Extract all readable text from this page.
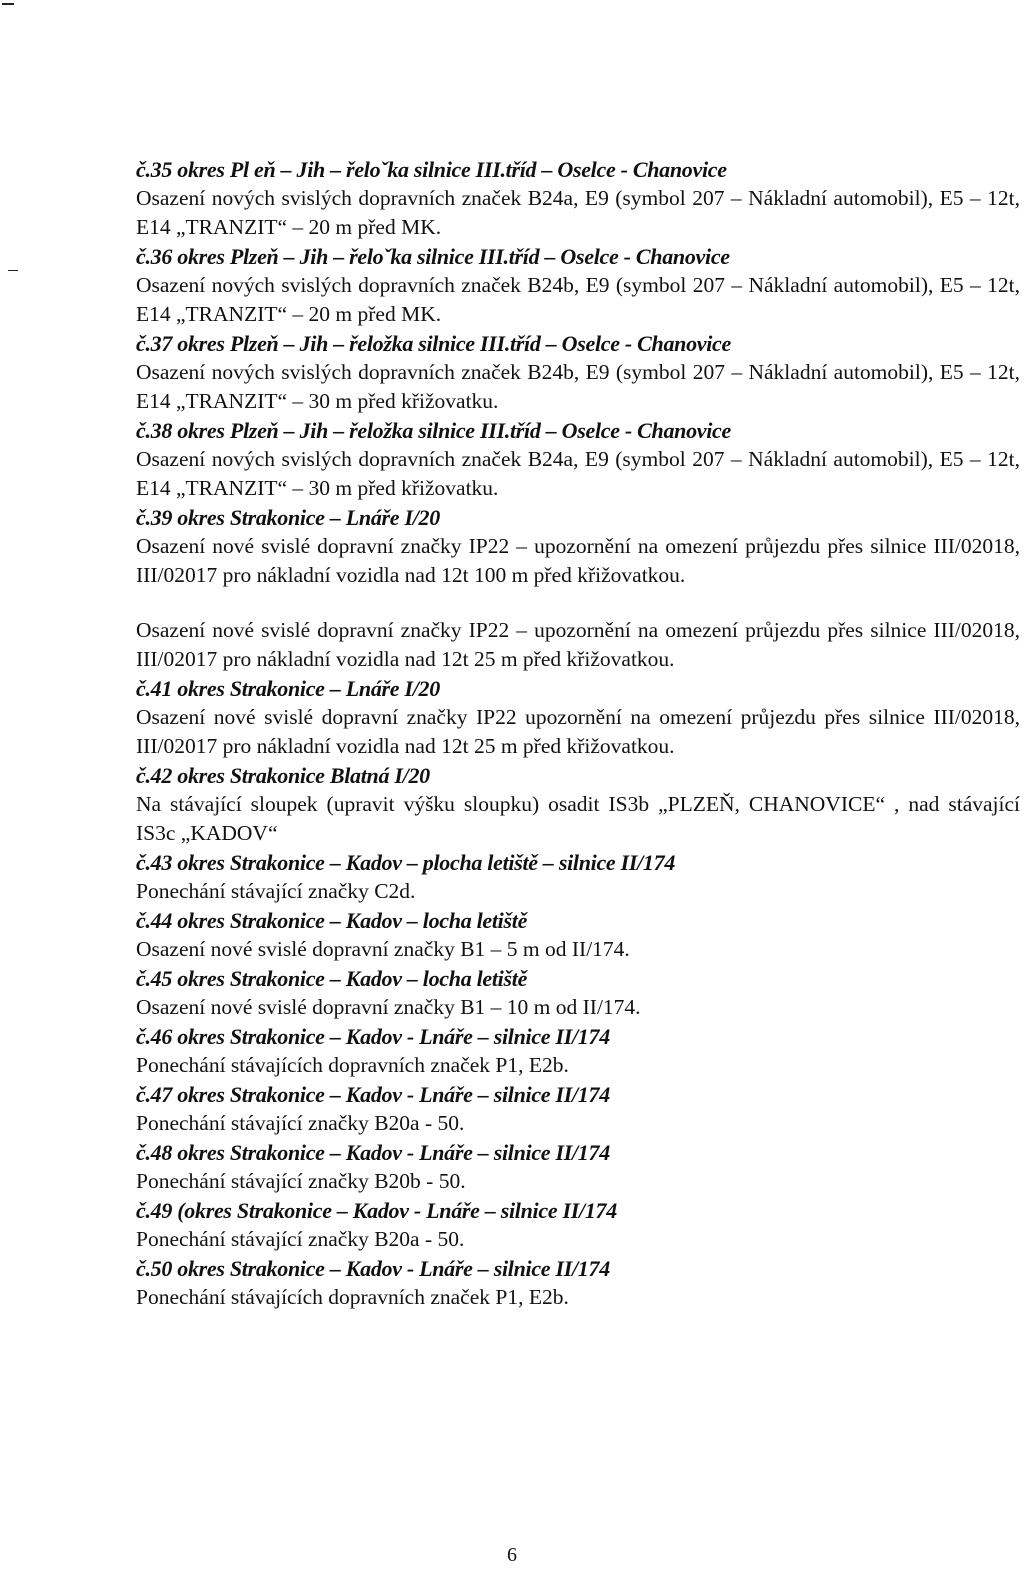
č.35 okres Pl eň – Jih – řeloˇka silnice III.tříd – Oselce - Chanovice
Osazení nových svislých dopravních značek B24a, E9 (symbol 207 – Nákladní automobil), E5 – 12t, E14 „TRANZIT“ – 20 m před MK.
č.36 okres Plzeň – Jih – řeloˇka silnice III.tříd – Oselce - Chanovice
Osazení nových svislých dopravních značek B24b, E9 (symbol 207 – Nákladní automobil), E5 – 12t, E14 „TRANZIT“ – 20 m před MK.
č.37 okres Plzeň – Jih – řeložka silnice III.tříd – Oselce - Chanovice
Osazení nových svislých dopravních značek B24b, E9 (symbol 207 – Nákladní automobil), E5 – 12t, E14 „TRANZIT“ – 30 m před křižovatku.
č.38 okres Plzeň – Jih – řeložka silnice III.tříd – Oselce - Chanovice
Osazení nových svislých dopravních značek B24a, E9 (symbol 207 – Nákladní automobil), E5 – 12t, E14 „TRANZIT“ – 30 m před křižovatku.
č.39 okres Strakonice – Lnáře I/20
Osazení nové svislé dopravní značky IP22 – upozornění na omezení průjezdu přes silnice III/02018, III/02017 pro nákladní vozidla nad 12t 100 m před křižovatkou.
Osazení nové svislé dopravní značky IP22 – upozornění na omezení průjezdu přes silnice III/02018, III/02017 pro nákladní vozidla nad 12t 25 m před křižovatkou.
č.41 okres Strakonice – Lnáře I/20
Osazení nové svislé dopravní značky IP22 upozornění na omezení průjezdu přes silnice III/02018, III/02017 pro nákladní vozidla nad 12t 25 m před křižovatkou.
č.42 okres Strakonice Blatná I/20
Na stávající sloupek (upravit výšku sloupku) osadit IS3b „PLZEŇ, CHANOVICE“ , nad stávající IS3c „KADOV“
č.43 okres Strakonice – Kadov – plocha letiště – silnice II/174
Ponechání stávající značky C2d.
č.44 okres Strakonice – Kadov – locha letiště
Osazení nové svislé dopravní značky B1 – 5 m od II/174.
č.45 okres Strakonice – Kadov – locha letiště
Osazení nové svislé dopravní značky B1 – 10 m od II/174.
č.46 okres Strakonice – Kadov - Lnáře – silnice II/174
Ponechání stávajících dopravních značek P1, E2b.
č.47 okres Strakonice – Kadov - Lnáře – silnice II/174
Ponechání stávající značky B20a - 50.
č.48 okres Strakonice – Kadov - Lnáře – silnice II/174
Ponechání stávající značky B20b - 50.
č.49 (okres Strakonice – Kadov - Lnáře – silnice II/174
Ponechání stávající značky B20a - 50.
č.50 okres Strakonice – Kadov - Lnáře – silnice II/174
Ponechání stávajících dopravních značek P1, E2b.
6
